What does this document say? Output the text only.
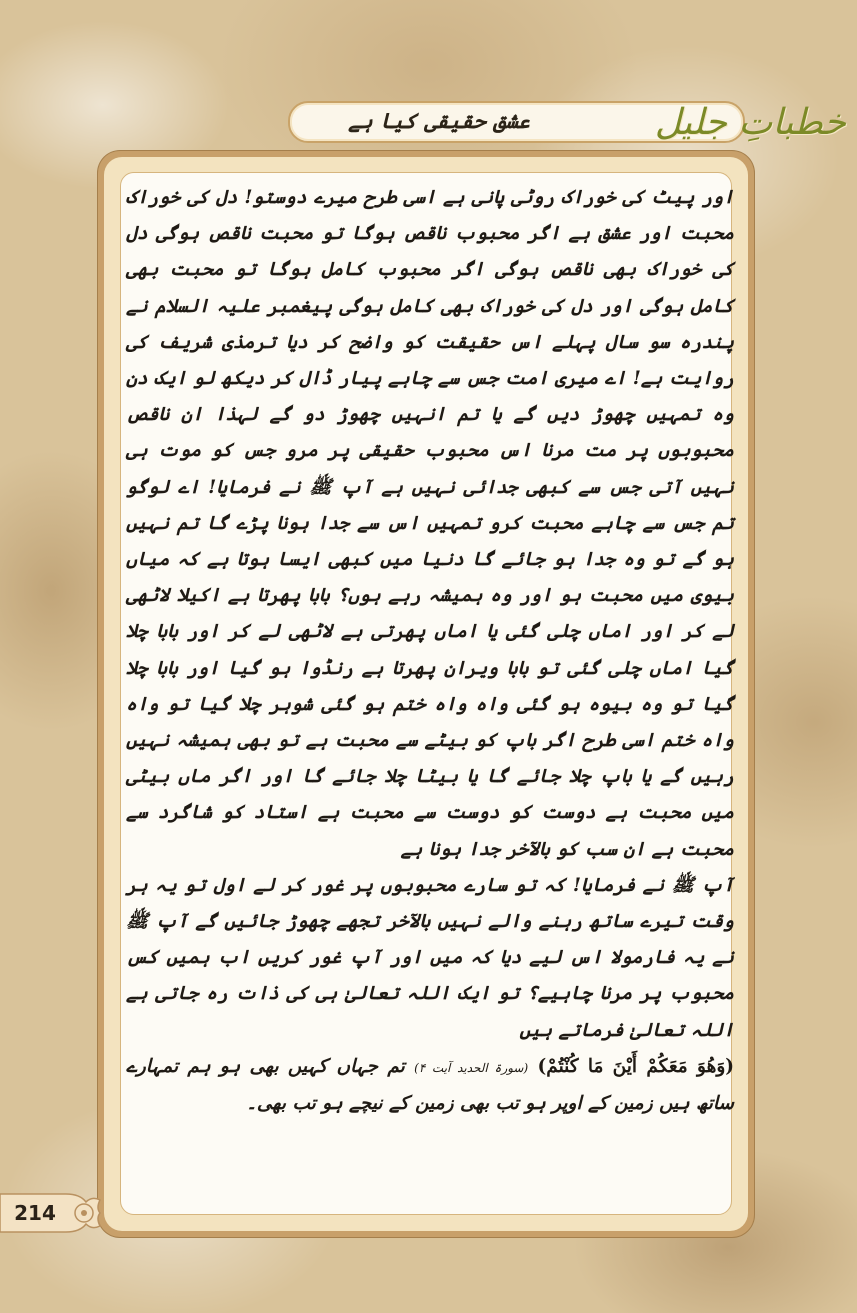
عشق حقیقی کیا ہے	خطباتِ جلیل

اور پیٹ کی خوراک روٹی پانی ہے اسی طرح میرے دوستو! دل کی خوراک محبت اور عشق ہے اگر محبوب ناقص ہوگا تو محبت ناقص ہوگی دل کی خوراک بھی ناقص ہوگی اگر محبوب کامل ہوگا تو محبت بھی کامل ہوگی اور دل کی خوراک بھی کامل ہوگی پیغمبر علیہ السلام نے پندرہ سو سال پہلے اس حقیقت کو واضح کر دیا ترمذی شریف کی روایت ہے! اے میری امت جس سے چاہے پیار ڈال کر دیکھ لو ایک دن وہ تمہیں چھوڑ دیں گے یا تم انہیں چھوڑ دو گے لہذا ان ناقص محبوبوں پر مت مرنا اس محبوب حقیقی پر مرو جس کو موت ہی نہیں آتی جس سے کبھی جدائی نہیں ہے آپ ﷺ نے فرمایا! اے لوگو تم جس سے چاہے محبت کرو تمہیں اس سے جدا ہونا پڑے گا تم نہیں ہو گے تو وہ جدا ہو جائے گا دنیا میں کبھی ایسا ہوتا ہے کہ میاں بیوی میں محبت ہو اور وہ ہمیشہ رہے ہوں؟ بابا پھرتا ہے اکیلا لاٹھی لے کر اور اماں چلی گئی یا اماں پھرتی ہے لاٹھی لے کر اور بابا چلا گیا اماں چلی گئی تو بابا ویران پھرتا ہے رنڈوا ہو گیا اور بابا چلا گیا تو وہ بیوہ ہو گئی واہ واہ ختم ہو گئی شوہر چلا گیا تو واہ واہ ختم اسی طرح اگر باپ کو بیٹے سے محبت ہے تو بھی ہمیشہ نہیں رہیں گے یا باپ چلا جائے گا یا بیٹا چلا جائے گا اور اگر ماں بیٹی میں محبت ہے دوست کو دوست سے محبت ہے استاد کو شاگرد سے محبت ہے ان سب کو بالآخر جدا ہونا ہے

آپ ﷺ نے فرمایا! کہ تو سارے محبوبوں پر غور کر لے اول تو یہ ہر وقت تیرے ساتھ رہنے والے نہیں بالآخر تجھے چھوڑ جائیں گے آپ ﷺ نے یہ فارمولا اس لیے دیا کہ میں اور آپ غور کریں اب ہمیں کس محبوب پر مرنا چاہیے؟ تو ایک اللہ تعالیٰ ہی کی ذات رہ جاتی ہے اللہ تعالیٰ فرماتے ہیں

(وَهُوَ مَعَكُمْ أَيْنَ مَا كُنْتُمْ) (سورۃ الحدید آیت ۴) تم جہاں کہیں بھی ہو ہم تمہارے ساتھ ہیں زمین کے اوپر ہو تب بھی زمین کے نیچے ہو تب بھی۔

214
